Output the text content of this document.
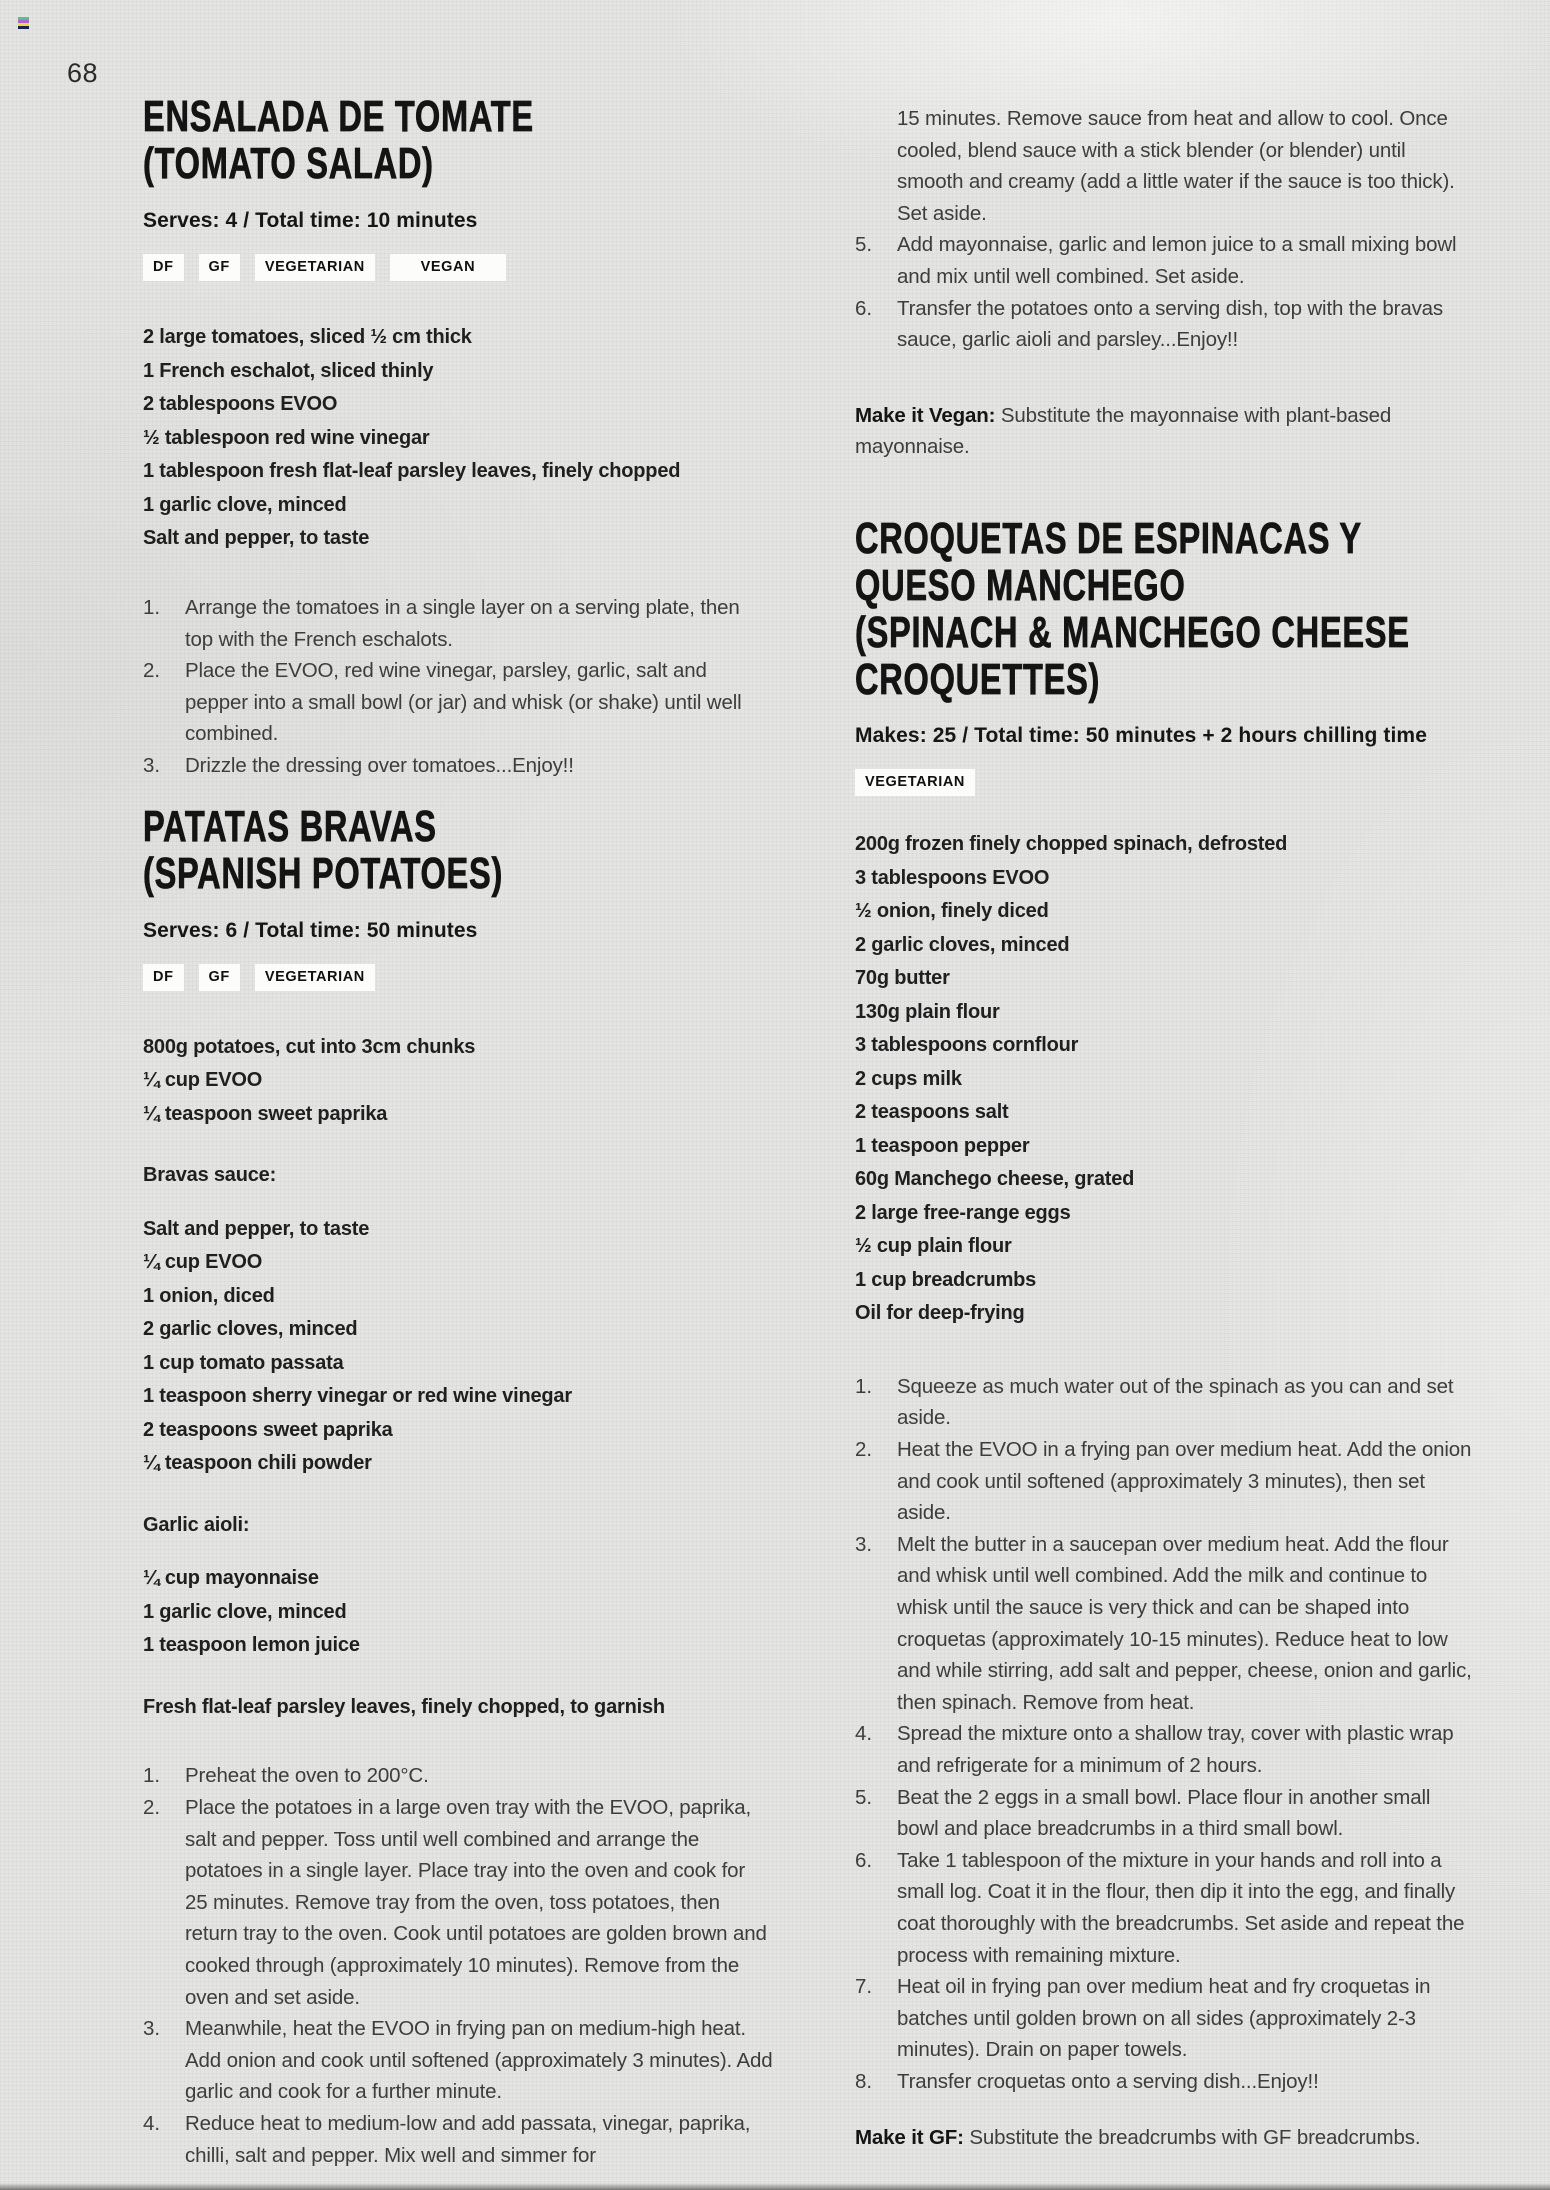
68
ENSALADA DE TOMATE
(TOMATO SALAD)

Serves: 4 / Total time: 10 minutes

DF	GF	VEGETARIAN	VEGAN
2 large tomatoes, sliced ½ cm thick
1 French eschalot, sliced thinly
2 tablespoons EVOO
½ tablespoon red wine vinegar
1 tablespoon fresh flat-leaf parsley leaves, finely chopped
1 garlic clove, minced
Salt and pepper, to taste
1.	Arrange the tomatoes in a single layer on a serving plate, then top with the French eschalots.
2.	Place the EVOO, red wine vinegar, parsley, garlic, salt and pepper into a small bowl (or jar) and whisk (or shake) until well combined.
3.	Drizzle the dressing over tomatoes...Enjoy!!
PATATAS BRAVAS
(SPANISH POTATOES)

Serves: 6 / Total time: 50 minutes

DF	GF	VEGETARIAN
800g potatoes, cut into 3cm chunks
¼ cup EVOO
¼ teaspoon sweet paprika

Bravas sauce:

Salt and pepper, to taste
¼ cup EVOO
1 onion, diced
2 garlic cloves, minced
1 cup tomato passata
1 teaspoon sherry vinegar or red wine vinegar
2 teaspoons sweet paprika
¼ teaspoon chili powder

Garlic aioli:

¼ cup mayonnaise
1 garlic clove, minced
1 teaspoon lemon juice
Fresh flat-leaf parsley leaves, finely chopped, to garnish
1.	Preheat the oven to 200°C.
2.	Place the potatoes in a large oven tray with the EVOO, paprika, salt and pepper. Toss until well combined and arrange the potatoes in a single layer. Place tray into the oven and cook for 25 minutes. Remove tray from the oven, toss potatoes, then return tray to the oven. Cook until potatoes are golden brown and cooked through (approximately 10 minutes). Remove from the oven and set aside.
3.	Meanwhile, heat the EVOO in frying pan on medium-high heat. Add onion and cook until softened (approximately 3 minutes). Add garlic and cook for a further minute.
4.	Reduce heat to medium-low and add passata, vinegar, paprika, chilli, salt and pepper. Mix well and simmer for
15 minutes. Remove sauce from heat and allow to cool. Once cooled, blend sauce with a stick blender (or blender) until smooth and creamy (add a little water if the sauce is too thick). Set aside.
5.	Add mayonnaise, garlic and lemon juice to a small mixing bowl and mix until well combined. Set aside.
6.	Transfer the potatoes onto a serving dish, top with the bravas sauce, garlic aioli and parsley...Enjoy!!

Make it Vegan: Substitute the mayonnaise with plant-based mayonnaise.

CROQUETAS DE ESPINACAS Y
QUESO MANCHEGO
(SPINACH & MANCHEGO CHEESE
CROQUETTES)

Makes: 25 / Total time: 50 minutes + 2 hours chilling time

VEGETARIAN
200g frozen finely chopped spinach, defrosted
3 tablespoons EVOO
½ onion, finely diced
2 garlic cloves, minced
70g butter
130g plain flour
3 tablespoons cornflour
2 cups milk
2 teaspoons salt
1 teaspoon pepper
60g Manchego cheese, grated
2 large free-range eggs
½ cup plain flour
1 cup breadcrumbs
Oil for deep-frying
1.	Squeeze as much water out of the spinach as you can and set aside.
2.	Heat the EVOO in a frying pan over medium heat. Add the onion and cook until softened (approximately 3 minutes), then set aside.
3.	Melt the butter in a saucepan over medium heat. Add the flour and whisk until well combined. Add the milk and continue to whisk until the sauce is very thick and can be shaped into croquetas (approximately 10-15 minutes). Reduce heat to low and while stirring, add salt and pepper, cheese, onion and garlic, then spinach. Remove from heat.
4.	Spread the mixture onto a shallow tray, cover with plastic wrap and refrigerate for a minimum of 2 hours.
5.	Beat the 2 eggs in a small bowl. Place flour in another small bowl and place breadcrumbs in a third small bowl.
6.	Take 1 tablespoon of the mixture in your hands and roll into a small log. Coat it in the flour, then dip it into the egg, and finally coat thoroughly with the breadcrumbs. Set aside and repeat the process with remaining mixture.
7.	Heat oil in frying pan over medium heat and fry croquetas in batches until golden brown on all sides (approximately 2-3 minutes). Drain on paper towels.
8.	Transfer croquetas onto a serving dish...Enjoy!!

Make it GF: Substitute the breadcrumbs with GF breadcrumbs.
